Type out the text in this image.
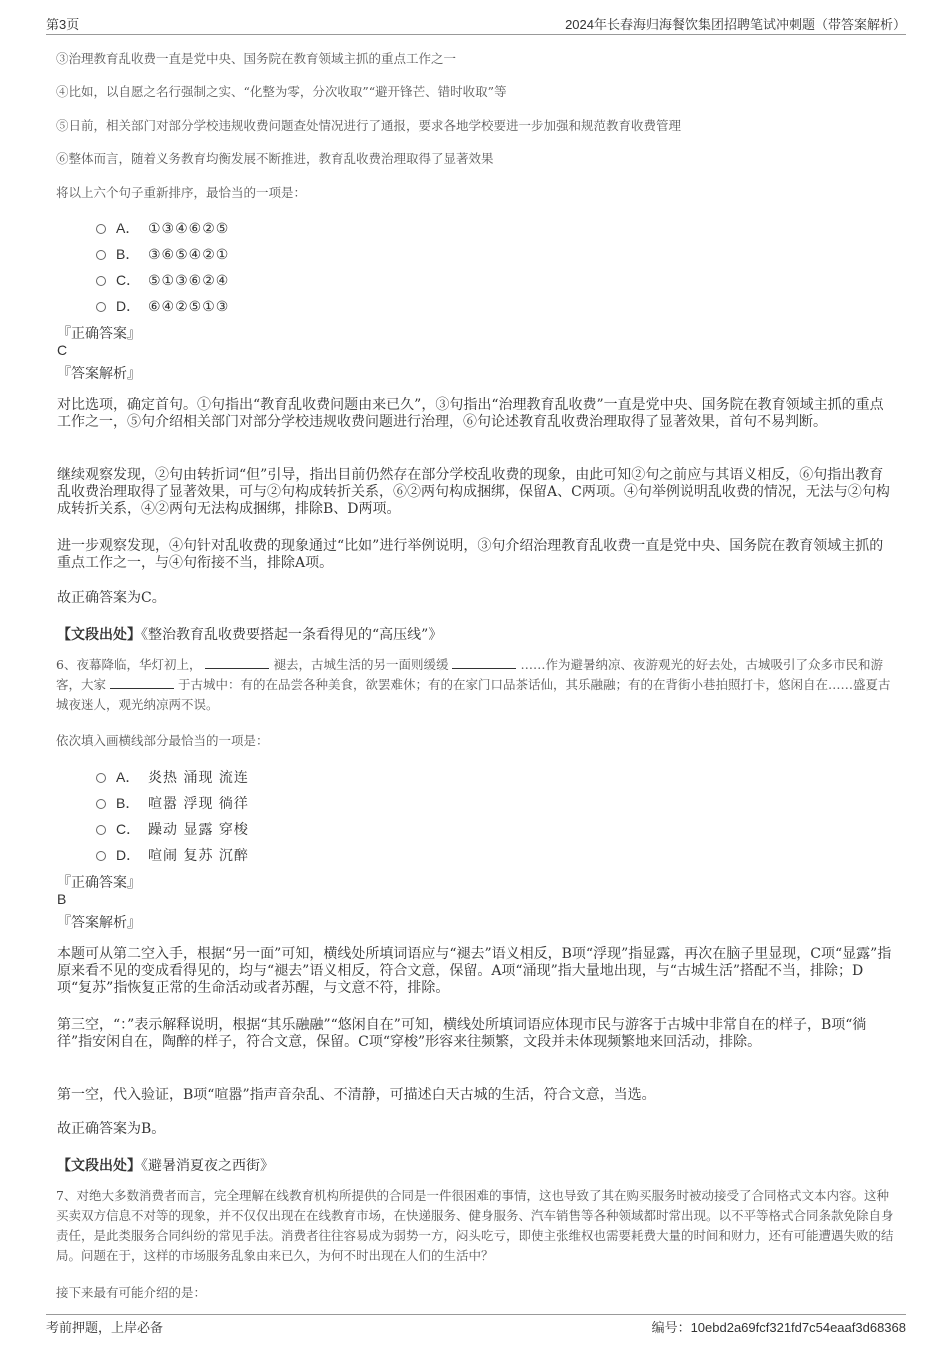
第3页	2024年长春海归海餐饮集团招聘笔试冲刺题（带答案解析）
③治理教育乱收费一直是党中央、国务院在教育领域主抓的重点工作之一
④比如，以自愿之名行强制之实、“化整为零，分次收取”“避开锋芒、错时收取”等
⑤日前，相关部门对部分学校违规收费问题查处情况进行了通报，要求各地学校要进一步加强和规范教育收费管理
⑥整体而言，随着义务教育均衡发展不断推进，教育乱收费治理取得了显著效果
将以上六个句子重新排序，最恰当的一项是：
A． ①③④⑥②⑤
B． ③⑥⑤④②①
C． ⑤①③⑥②④
D． ⑥④②⑤①③
『正确答案』
C
『答案解析』
对比选项，确定首句。①句指出“教育乱收费问题由来已久”，③句指出“治理教育乱收费”一直是党中央、国务院在教育领域主抓的重点工作之一，⑤句介绍相关部门对部分学校违规收费问题进行治理，⑥句论述教育乱收费治理取得了显著效果，首句不易判断。
继续观察发现，②句由转折词“但”引导，指出目前仍然存在部分学校乱收费的现象，由此可知②句之前应与其语义相反，⑥句指出教育乱收费治理取得了显著效果，可与②句构成转折关系，⑥②两句构成捆绑，保留A、C两项。④句举例说明乱收费的情况，无法与②句构成转折关系，④②两句无法构成捆绑，排除B、D两项。
进一步观察发现，④句针对乱收费的现象通过“比如”进行举例说明，③句介绍治理教育乱收费一直是党中央、国务院在教育领域主抓的重点工作之一，与④句衔接不当，排除A项。
故正确答案为C。
【文段出处】《整治教育乱收费要搭起一条看得见的“高压线”》
6、夜幕降临，华灯初上，	褪去，古城生活的另一面则缓缓	……作为避暑纳凉、夜游观光的好去处，古城吸引了众多市民和游客，大家	于古城中：有的在品尝各种美食，欲罢难休；有的在家门口品茶话仙，其乐融融；有的在背街小巷拍照打卡，悠闲自在……盛夏古城夜迷人，观光纳凉两不误。
依次填入画横线部分最恰当的一项是：
A． 炎热 涌现 流连
B． 喧嚣 浮现 徜徉
C． 躁动 显露 穿梭
D． 喧闹 复苏 沉醉
『正确答案』
B
『答案解析』
本题可从第二空入手，根据“另一面”可知，横线处所填词语应与“褪去”语义相反，B项“浮现”指显露，再次在脑子里显现，C项“显露”指原来看不见的变成看得见的，均与“褪去”语义相反，符合文意，保留。A项“涌现”指大量地出现，与“古城生活”搭配不当，排除；D项“复苏”指恢复正常的生命活动或者苏醒，与文意不符，排除。
第三空，“：”表示解释说明，根据“其乐融融”“悠闲自在”可知，横线处所填词语应体现市民与游客于古城中非常自在的样子，B项“徜徉”指安闲自在，陶醉的样子，符合文意，保留。C项“穿梭”形容来往频繁，文段并未体现频繁地来回活动，排除。
第一空，代入验证，B项“喧嚣”指声音杂乱、不清静，可描述白天古城的生活，符合文意，当选。
故正确答案为B。
【文段出处】《避暑消夏夜之西街》
7、对绝大多数消费者而言，完全理解在线教育机构所提供的合同是一件很困难的事情，这也导致了其在购买服务时被动接受了合同格式文本内容。这种买卖双方信息不对等的现象，并不仅仅出现在在线教育市场，在快递服务、健身服务、汽车销售等各种领域都时常出现。以不平等格式合同条款免除自身责任，是此类服务合同纠纷的常见手法。消费者往往容易成为弱势一方，闷头吃亏，即使主张维权也需要耗费大量的时间和财力，还有可能遭遇失败的结局。问题在于，这样的市场服务乱象由来已久，为何不时出现在人们的生活中？
接下来最有可能介绍的是：
考前押题，上岸必备	编号：10ebd2a69fcf321fd7c54eaaf3d68368
